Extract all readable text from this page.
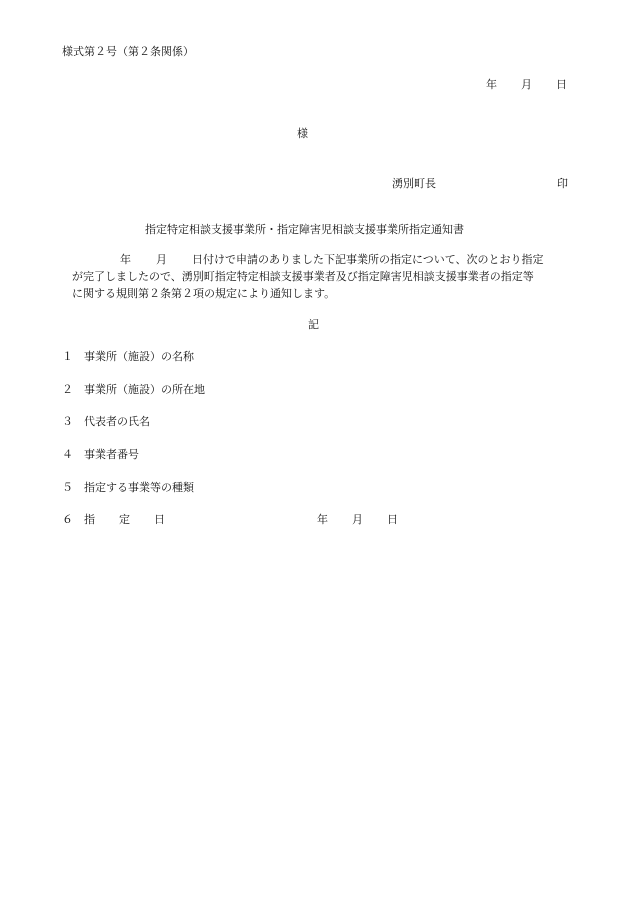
様式第２号（第２条関係）
年 月 日
様
湧別町長	印
指定特定相談支援事業所・指定障害児相談支援事業所指定通知書
年 月 日付けで申請のありました下記事業所の指定について、次のとおり指定
が完了しましたので、湧別町指定特定相談支援事業者及び指定障害児相談支援事業者の指定等
に関する規則第２条第２項の規定により通知します。
記
１ 事業所（施設）の名称
２ 事業所（施設）の所在地
３ 代表者の氏名
４ 事業者番号
５ 指定する事業等の種類
６ 指 定 日	年 月 日
